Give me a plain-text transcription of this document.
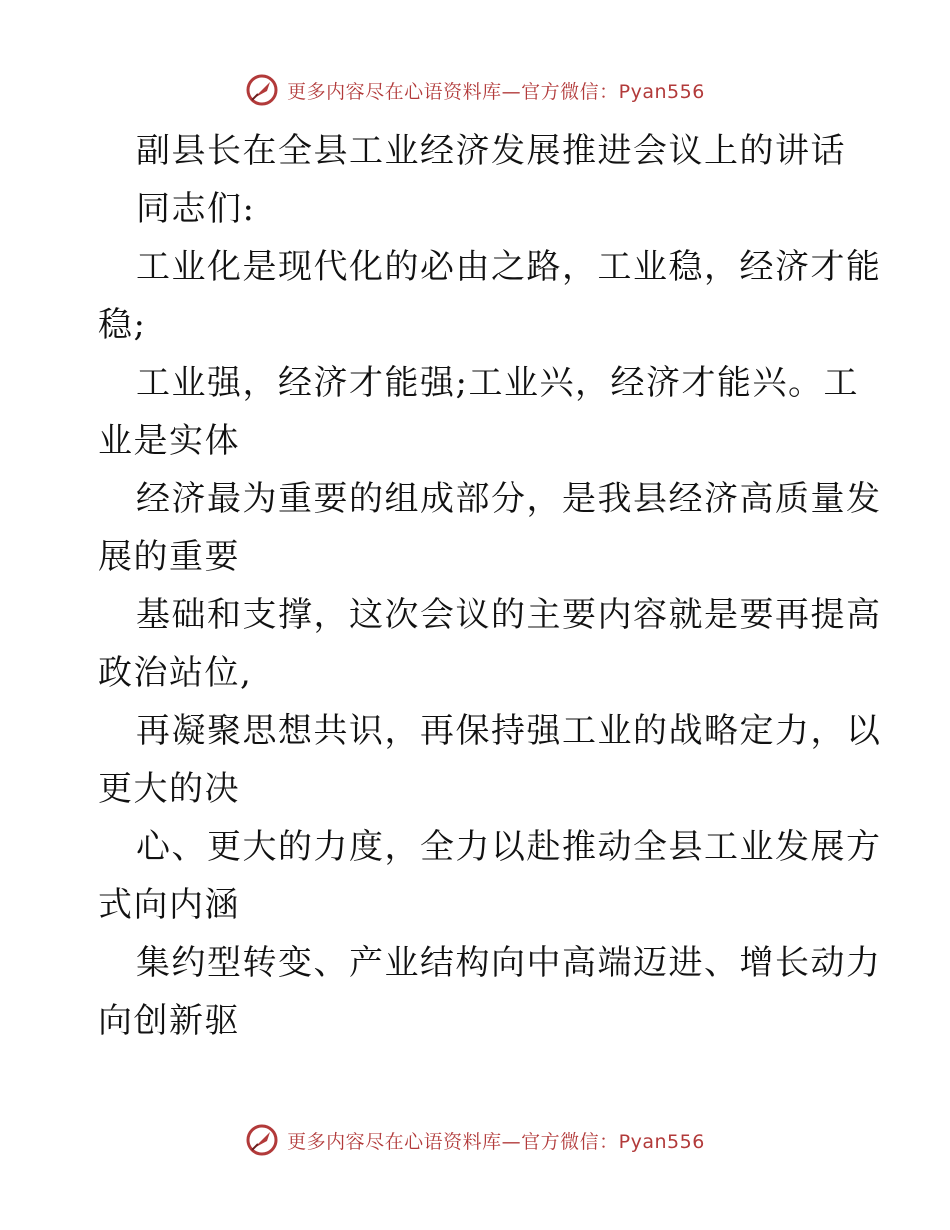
更多内容尽在心语资料库—官方微信：Pyan556
副县长在全县工业经济发展推进会议上的讲话
同志们:
工业化是现代化的必由之路，工业稳，经济才能
稳;
工业强，经济才能强;工业兴，经济才能兴。工
业是实体
经济最为重要的组成部分，是我县经济高质量发
展的重要
基础和支撑，这次会议的主要内容就是要再提高
政治站位,
再凝聚思想共识，再保持强工业的战略定力，以
更大的决
心、更大的力度，全力以赴推动全县工业发展方
式向内涵
集约型转变、产业结构向中高端迈进、增长动力
向创新驱
更多内容尽在心语资料库—官方微信：Pyan556
